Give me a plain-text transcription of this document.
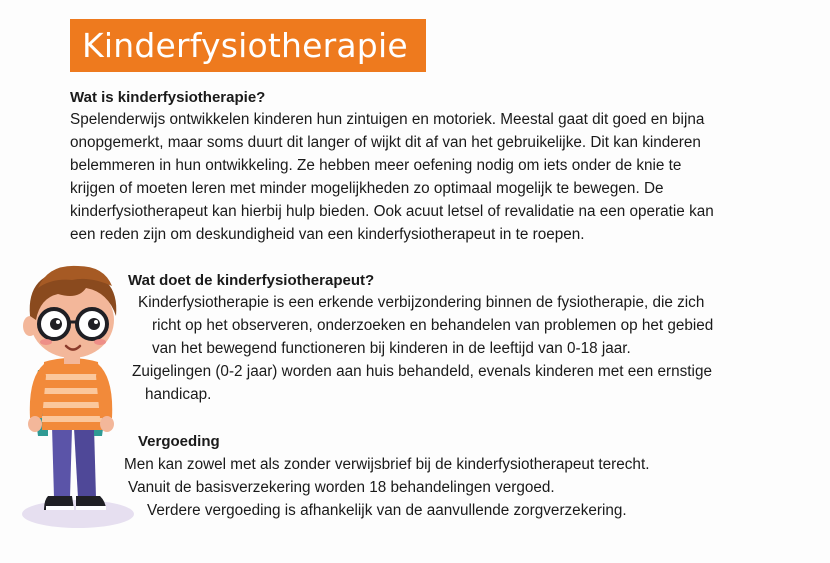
Kinderfysiotherapie
Wat is kinderfysiotherapie?
Spelenderwijs ontwikkelen kinderen hun zintuigen en motoriek. Meestal gaat dit goed en bijna
onopgemerkt, maar soms duurt dit langer of wijkt dit af van het gebruikelijke. Dit kan kinderen
belemmeren in hun ontwikkeling. Ze hebben meer oefening nodig om iets onder de knie te
krijgen of moeten leren met minder mogelijkheden zo optimaal mogelijk te bewegen. De
kinderfysiotherapeut kan hierbij hulp bieden. Ook acuut letsel of revalidatie na een operatie kan
een reden zijn om deskundigheid van een kinderfysiotherapeut in te roepen.
Wat doet de kinderfysiotherapeut?
Kinderfysiotherapie is een erkende verbijzondering binnen de fysiotherapie, die zich
richt op het observeren, onderzoeken en behandelen van problemen op het gebied
van het bewegend functioneren bij kinderen in de leeftijd van 0-18 jaar.
Zuigelingen (0-2 jaar) worden aan huis behandeld, evenals kinderen met een ernstige
handicap.
Vergoeding
Men kan zowel met als zonder verwijsbrief bij de kinderfysiotherapeut terecht.
Vanuit de basisverzekering worden 18 behandelingen vergoed.
Verdere vergoeding is afhankelijk van de aanvullende zorgverzekering.
